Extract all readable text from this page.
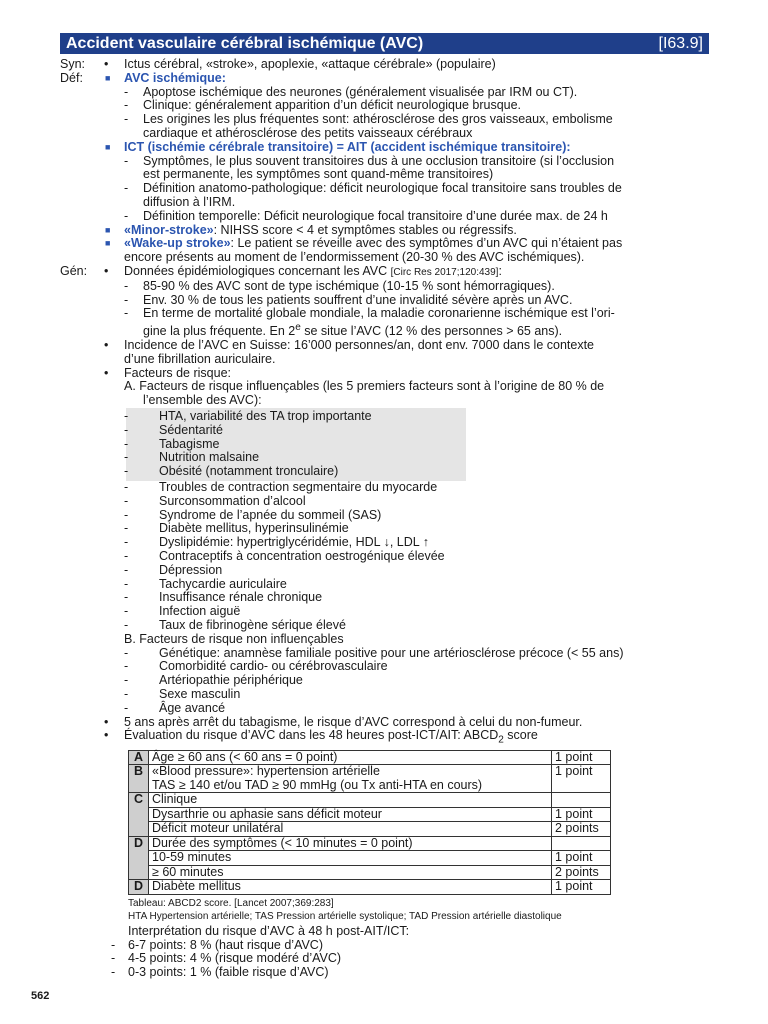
Accident vasculaire cérébral ischémique (AVC)	[I63.9]
Syn: • Ictus cérébral, «stroke», apoplexie, «attaque cérébrale» (populaire)
Déf: ■ AVC ischémique:
- Apoptose ischémique des neurones (généralement visualisée par IRM ou CT).
- Clinique: généralement apparition d’un déficit neurologique brusque.
- Les origines les plus fréquentes sont: athérosclérose des gros vaisseaux, embolisme
cardiaque et athérosclérose des petits vaisseaux cérébraux
■ ICT (ischémie cérébrale transitoire) = AIT (accident ischémique transitoire):
- Symptômes, le plus souvent transitoires dus à une occlusion transitoire (si l’occlusion
est permanente, les symptômes sont quand-même transitoires)
- Définition anatomo-pathologique: déficit neurologique focal transitoire sans troubles de
diffusion à l’IRM.
- Définition temporelle: Déficit neurologique focal transitoire d’une durée max. de 24 h
■ «Minor-stroke»: NIHSS score < 4 et symptômes stables ou régressifs.
■ «Wake-up stroke»: Le patient se réveille avec des symptômes d’un AVC qui n’étaient pas
encore présents au moment de l’endormissement (20-30 % des AVC ischémiques).
Gén: • Données épidémiologiques concernant les AVC [Circ Res 2017;120:439]:
- 85-90 % des AVC sont de type ischémique (10-15 % sont hémorragiques).
- Env. 30 % de tous les patients souffrent d’une invalidité sévère après un AVC.
- En terme de mortalité globale mondiale, la maladie coronarienne ischémique est l’ori-
gine la plus fréquente. En 2e se situe l’AVC (12 % des personnes > 65 ans).
• Incidence de l’AVC en Suisse: 16’000 personnes/an, dont env. 7000 dans le contexte
d’une fibrillation auriculaire.
• Facteurs de risque:
A. Facteurs de risque influençables (les 5 premiers facteurs sont à l’origine de 80 % de
l’ensemble des AVC):
- HTA, variabilité des TA trop importante
- Sédentarité
- Tabagisme
- Nutrition malsaine
- Obésité (notamment tronculaire)
- Troubles de contraction segmentaire du myocarde
- Surconsommation d’alcool
- Syndrome de l’apnée du sommeil (SAS)
- Diabète mellitus, hyperinsulinémie
- Dyslipidémie: hypertriglycéridémie, HDL ↓, LDL ↑
- Contraceptifs à concentration oestrogénique élevée
- Dépression
- Tachycardie auriculaire
- Insuffisance rénale chronique
- Infection aiguë
- Taux de fibrinogène sérique élevé
B. Facteurs de risque non influençables
- Génétique: anamnèse familiale positive pour une artériosclérose précoce (< 55 ans)
- Comorbidité cardio- ou cérébrovasculaire
- Artériopathie périphérique
- Sexe masculin
- Âge avancé
• 5 ans après arrêt du tabagisme, le risque d’AVC correspond à celui du non-fumeur.
• Évaluation du risque d’AVC dans les 48 heures post-ICT/AIT: $ABCD_2$ score
A	Âge ≥ 60 ans (< 60 ans = 0 point)	1 point
B	«Blood pressure»: hypertension artérielle
TAS ≥ 140 et/ou TAD ≥ 90 mmHg (ou Tx anti-HTA en cours)	1 point
C	Clinique	
	Dysarthrie ou aphasie sans déficit moteur	1 point
	Déficit moteur unilatéral	2 points
D	Durée des symptômes (< 10 minutes = 0 point)	
	10-59 minutes	1 point
	≥ 60 minutes	2 points
D	Diabète mellitus	1 point
Tableau: ABCD2 score. [Lancet 2007;369:283]
HTA Hypertension artérielle; TAS Pression artérielle systolique; TAD Pression artérielle diastolique
Interprétation du risque d’AVC à 48 h post-AIT/ICT:
- 6-7 points: 8 % (haut risque d’AVC)
- 4-5 points: 4 % (risque modéré d’AVC)
- 0-3 points: 1 % (faible risque d’AVC)
562
